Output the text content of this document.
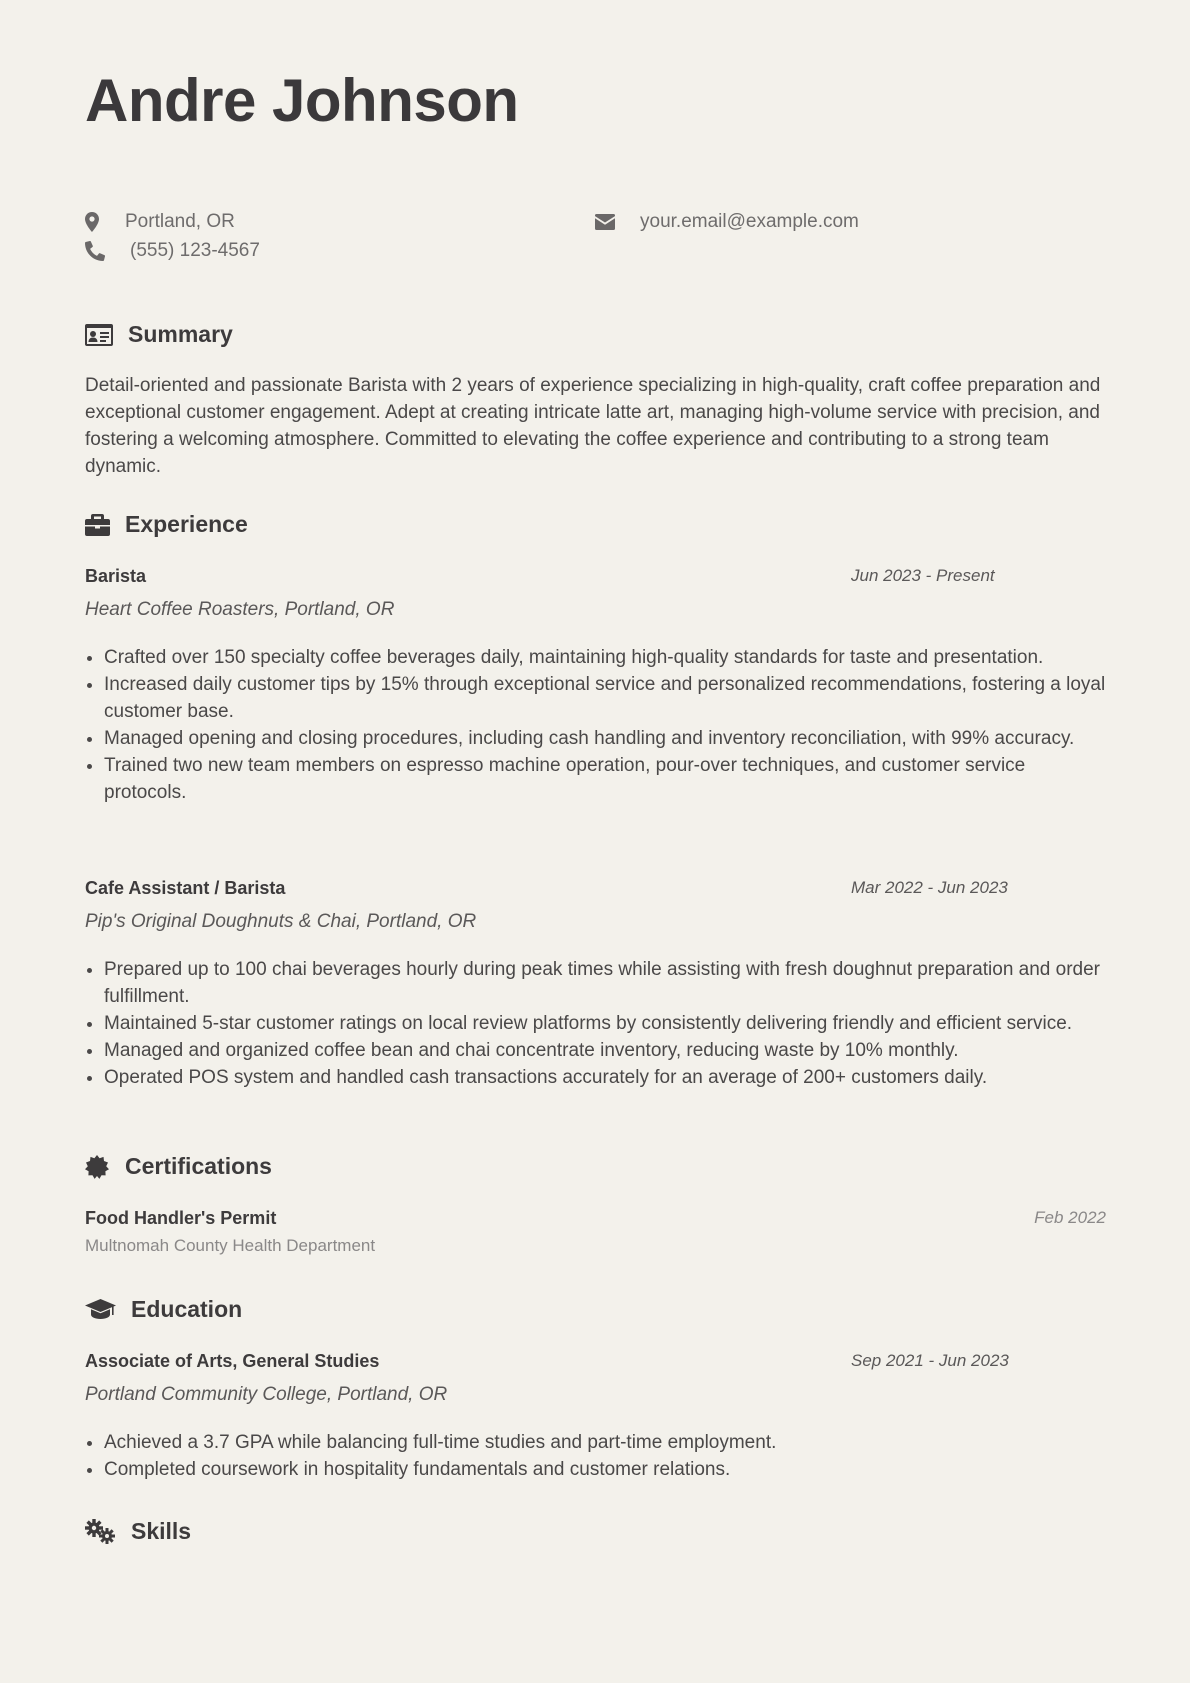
Andre Johnson
Portland, OR
(555) 123-4567
your.email@example.com
Summary

Detail-oriented and passionate Barista with 2 years of experience specializing in high-quality, craft coffee preparation and exceptional customer engagement. Adept at creating intricate latte art, managing high-volume service with precision, and fostering a welcoming atmosphere. Committed to elevating the coffee experience and contributing to a strong team dynamic.

Experience
Barista	Jun 2023 - Present
Heart Coffee Roasters, Portland, OR
Crafted over 150 specialty coffee beverages daily, maintaining high-quality standards for taste and presentation.
Increased daily customer tips by 15% through exceptional service and personalized recommendations, fostering a loyal customer base.
Managed opening and closing procedures, including cash handling and inventory reconciliation, with 99% accuracy.
Trained two new team members on espresso machine operation, pour-over techniques, and customer service protocols.
Cafe Assistant / Barista	Mar 2022 - Jun 2023
Pip's Original Doughnuts & Chai, Portland, OR
Prepared up to 100 chai beverages hourly during peak times while assisting with fresh doughnut preparation and order fulfillment.
Maintained 5-star customer ratings on local review platforms by consistently delivering friendly and efficient service.
Managed and organized coffee bean and chai concentrate inventory, reducing waste by 10% monthly.
Operated POS system and handled cash transactions accurately for an average of 200+ customers daily.
Certifications
Food Handler's Permit	Feb 2022
Multnomah County Health Department
Education
Associate of Arts, General Studies	Sep 2021 - Jun 2023
Portland Community College, Portland, OR
Achieved a 3.7 GPA while balancing full-time studies and part-time employment.
Completed coursework in hospitality fundamentals and customer relations.
Skills
